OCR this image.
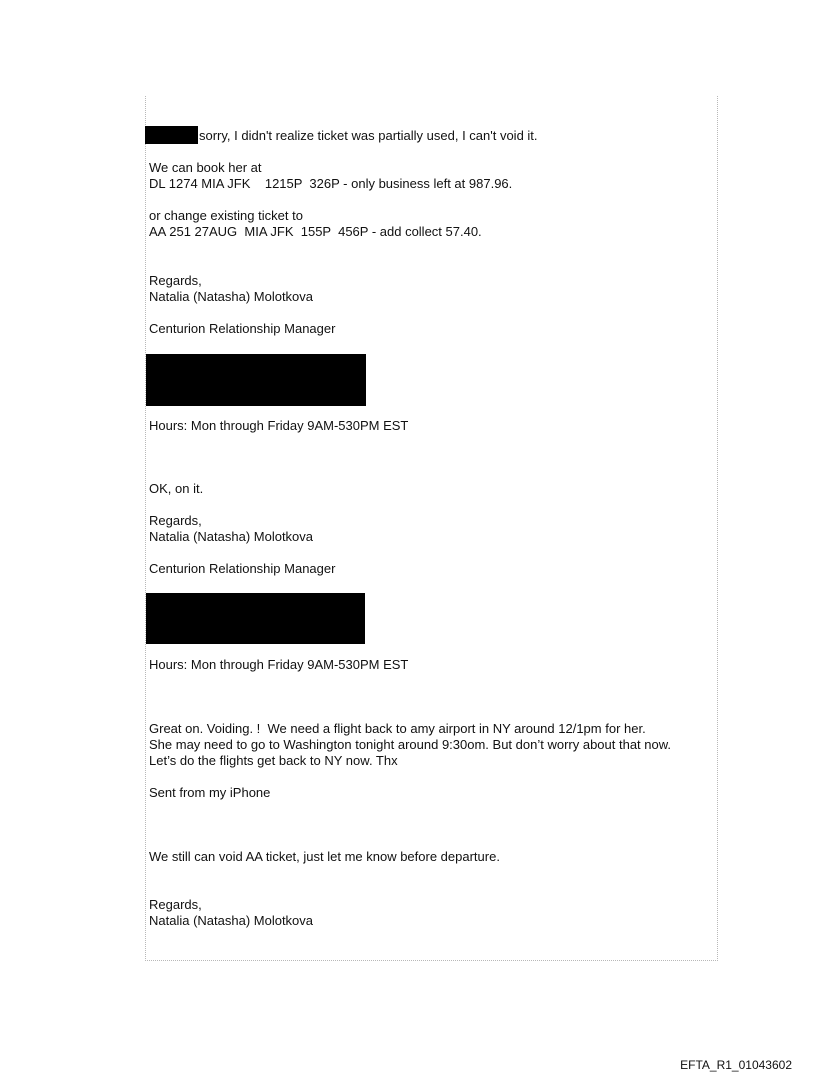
sorry, I didn't realize ticket was partially used, I can't void it.

We can book her at

DL 1274 MIA JFK    1215P  326P - only business left at 987.96.

or change existing ticket to

AA 251 27AUG  MIA JFK  155P  456P - add collect 57.40.

Regards,

Natalia (Natasha) Molotkova

Centurion Relationship Manager

Hours: Mon through Friday 9AM-530PM EST

OK, on it.

Regards,

Natalia (Natasha) Molotkova

Centurion Relationship Manager

Hours: Mon through Friday 9AM-530PM EST

Great on. Voiding. !  We need a flight back to amy airport in NY around 12/1pm for her.

She may need to go to Washington tonight around 9:30om. But don’t worry about that now.

Let’s do the flights get back to NY now. Thx

Sent from my iPhone

We still can void AA ticket, just let me know before departure.

Regards,

Natalia (Natasha) Molotkova

EFTA_R1_01043602
